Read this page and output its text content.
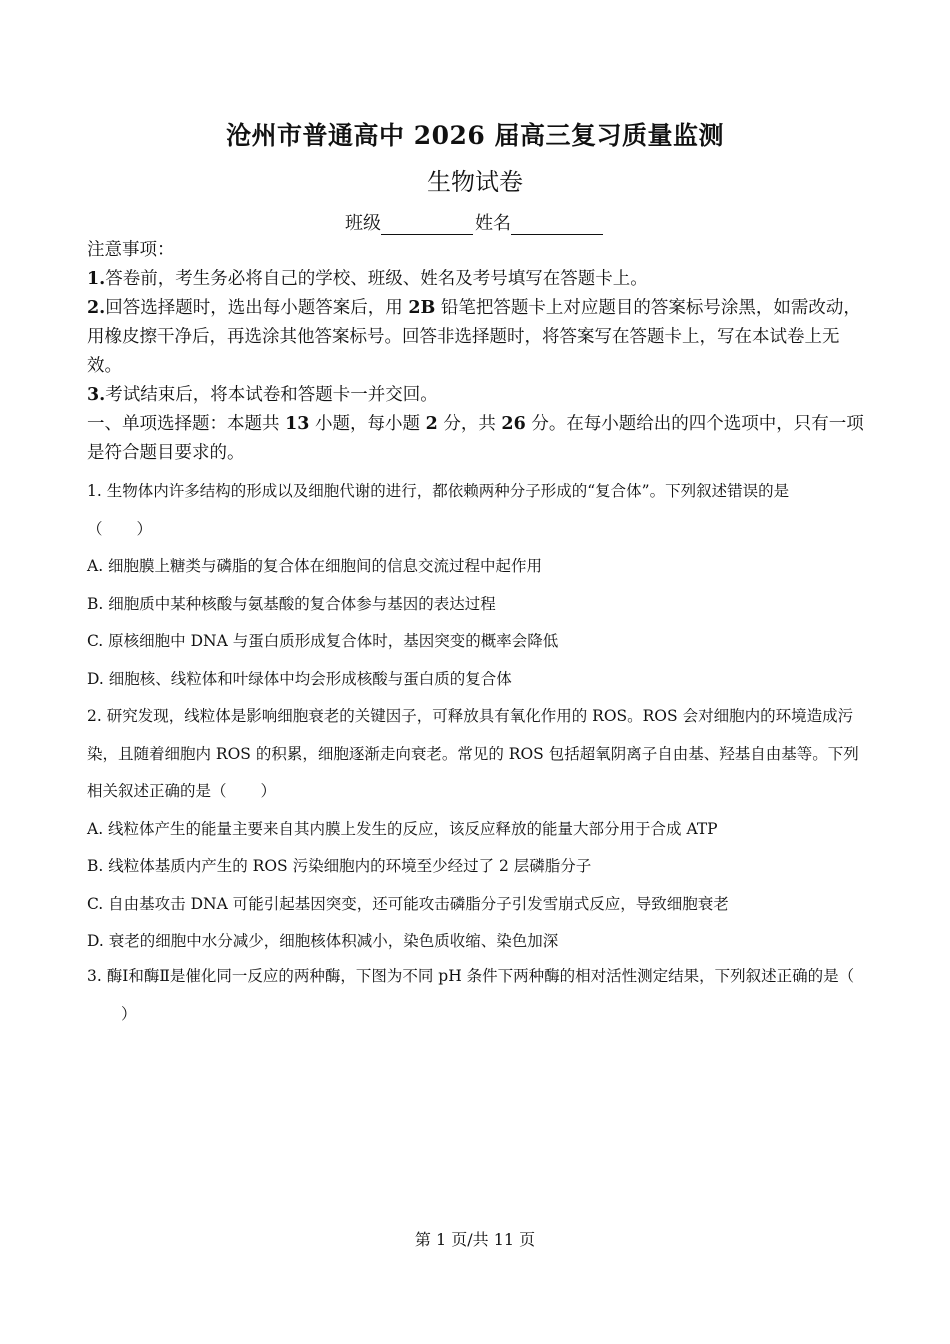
沧州市普通高中 2026 届高三复习质量监测
生物试卷
班级	姓名

注意事项：

1.答卷前，考生务必将自己的学校、班级、姓名及考号填写在答题卡上。

2.回答选择题时，选出每小题答案后，用 2B 铅笔把答题卡上对应题目的答案标号涂黑，如需改动，用橡皮擦干净后，再选涂其他答案标号。回答非选择题时，将答案写在答题卡上，写在本试卷上无效。

3.考试结束后，将本试卷和答题卡一并交回。

一、单项选择题：本题共 13 小题，每小题 2 分，共 26 分。在每小题给出的四个选项中，只有一项是符合题目要求的。

1. 生物体内许多结构的形成以及细胞代谢的进行，都依赖两种分子形成的“复合体”。下列叙述错误的是

（ ）

A. 细胞膜上糖类与磷脂的复合体在细胞间的信息交流过程中起作用

B. 细胞质中某种核酸与氨基酸的复合体参与基因的表达过程

C. 原核细胞中 DNA 与蛋白质形成复合体时，基因突变的概率会降低

D. 细胞核、线粒体和叶绿体中均会形成核酸与蛋白质的复合体

2. 研究发现，线粒体是影响细胞衰老的关键因子，可释放具有氧化作用的 ROS。ROS 会对细胞内的环境造成污染，且随着细胞内 ROS 的积累，细胞逐渐走向衰老。常见的 ROS 包括超氧阴离子自由基、羟基自由基等。下列相关叙述正确的是（ ）

A. 线粒体产生的能量主要来自其内膜上发生的反应，该反应释放的能量大部分用于合成 ATP

B. 线粒体基质内产生的 ROS 污染细胞内的环境至少经过了 2 层磷脂分子

C. 自由基攻击 DNA 可能引起基因突变，还可能攻击磷脂分子引发雪崩式反应，导致细胞衰老

D. 衰老的细胞中水分减少，细胞核体积减小，染色质收缩、染色加深

3. 酶Ⅰ和酶Ⅱ是催化同一反应的两种酶，下图为不同 pH 条件下两种酶的相对活性测定结果，下列叙述正确的是（）

第 1 页/共 11 页
